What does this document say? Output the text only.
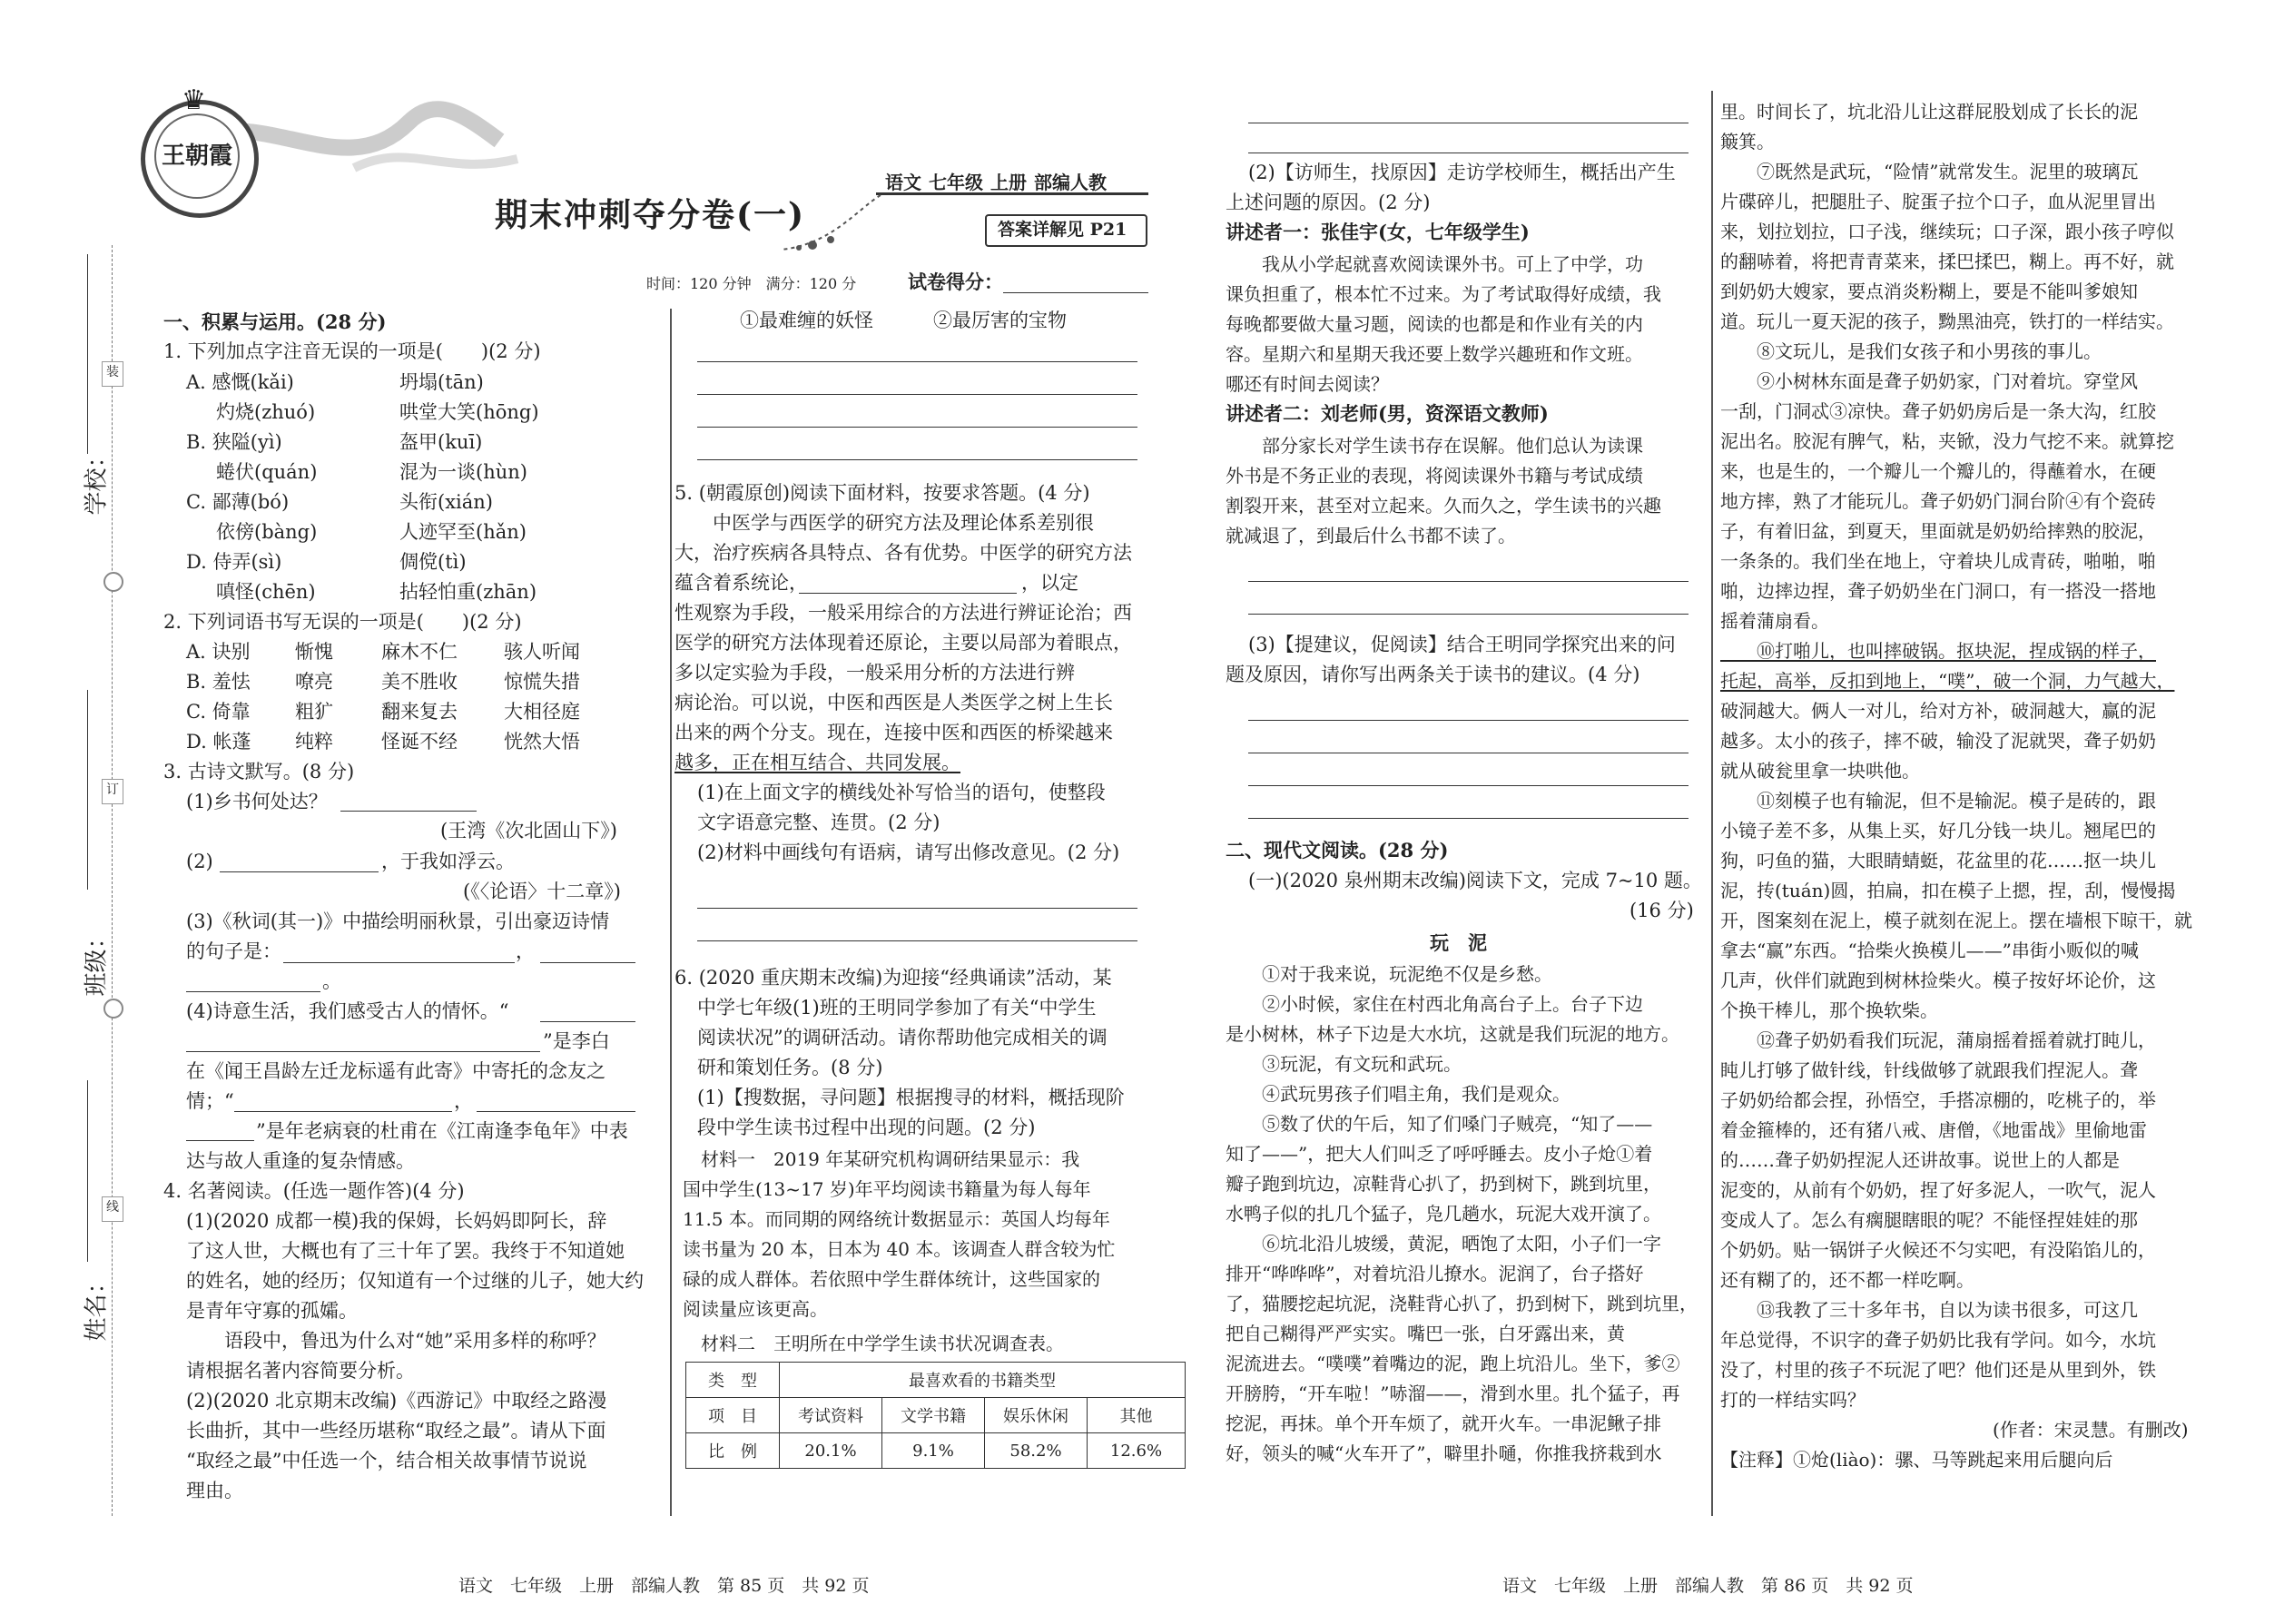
♛
王朝霞
期末冲刺夺分卷(一)
语文 七年级 上册 部编人教
答案详解见 P21
时间：120 分钟　满分：120 分	试卷得分：
学校：
班级：
姓名：
装
订
线
一、积累与运用。(28 分)
1. 下列加点字注音无误的一项是(　　)(2 分)
A. 感慨(kǎi)	坍塌(tān)
灼烧(zhuó)	哄堂大笑(hōng)
B. 狭隘(yì)	盔甲(kuī)
蜷伏(quán)	混为一谈(hùn)
C. 鄙薄(bó)	头衔(xián)
依傍(bàng)	人迹罕至(hǎn)
D. 侍弄(sì)	倜傥(tì)
嗔怪(chēn)	拈轻怕重(zhān)
2. 下列词语书写无误的一项是(　　)(2 分)
A. 诀别 惭愧	麻木不仁 骇人听闻
B. 羞怯 嘹亮	美不胜收 惊慌失措
C. 倚靠 粗犷	翻来复去 大相径庭
D. 帐蓬 纯粹	怪诞不经 恍然大悟
3. 古诗文默写。(8 分)
(1)乡书何处达？
(王湾《次北固山下》)
(2)	，于我如浮云。
(《〈论语〉十二章》)
(3)《秋词(其一)》中描绘明丽秋景，引出豪迈诗情
的句子是：	，
。
(4)诗意生活，我们感受古人的情怀。“
”是李白
在《闻王昌龄左迁龙标遥有此寄》中寄托的念友之
情；“	，
”是年老病衰的杜甫在《江南逢李龟年》中表
达与故人重逢的复杂情感。
4. 名著阅读。(任选一题作答)(4 分)
(1)(2020 成都一模)我的保姆，长妈妈即阿长，辞
了这人世，大概也有了三十年了罢。我终于不知道她
的姓名，她的经历；仅知道有一个过继的儿子，她大约
是青年守寡的孤孀。
　　语段中，鲁迅为什么对“她”采用多样的称呼？
请根据名著内容简要分析。
(2)(2020 北京期末改编)《西游记》中取经之路漫
长曲折，其中一些经历堪称“取经之最”。请从下面
“取经之最”中任选一个，结合相关故事情节说说
理由。
①最难缠的妖怪	②最厉害的宝物
5. (朝霞原创)阅读下面材料，按要求答题。(4 分)
　　中医学与西医学的研究方法及理论体系差别很
大，治疗疾病各具特点、各有优势。中医学的研究方法
蕴含着系统论，	，以定
性观察为手段，一般采用综合的方法进行辨证论治；西
医学的研究方法体现着还原论，主要以局部为着眼点，
多以定实验为手段，一般采用分析的方法进行辨
病论治。可以说，中医和西医是人类医学之树上生长
出来的两个分支。现在，连接中医和西医的桥梁越来
越多，正在相互结合、共同发展。
(1)在上面文字的横线处补写恰当的语句，使整段
文字语意完整、连贯。(2 分)
(2)材料中画线句有语病，请写出修改意见。(2 分)
6. (2020 重庆期末改编)为迎接“经典诵读”活动，某
中学七年级(1)班的王明同学参加了有关“中学生
阅读状况”的调研活动。请你帮助他完成相关的调
研和策划任务。(8 分)
(1)【搜数据，寻问题】根据搜寻的材料，概括现阶
段中学生读书过程中出现的问题。(2 分)
　材料一　2019 年某研究机构调研结果显示：我
国中学生(13~17 岁)年平均阅读书籍量为每人每年
11.5 本。而同期的网络统计数据显示：英国人均每年
读书量为 20 本，日本为 40 本。该调查人群含较为忙
碌的成人群体。若依照中学生群体统计，这些国家的
阅读量应该更高。
　材料二　王明所在中学学生读书状况调查表。
类　型	最喜欢看的书籍类型			
项　目	考试资料	文学书籍	娱乐休闲	其他
比　例	20.1%	9.1%	58.2%	12.6%
语文　七年级　上册　部编人教　第 85 页　共 92 页
(2)【访师生，找原因】走访学校师生，概括出产生
上述问题的原因。(2 分)
讲述者一：张佳宇(女，七年级学生)
　　我从小学起就喜欢阅读课外书。可上了中学，功
课负担重了，根本忙不过来。为了考试取得好成绩，我
每晚都要做大量习题，阅读的也都是和作业有关的内
容。星期六和星期天我还要上数学兴趣班和作文班。
哪还有时间去阅读？
讲述者二：刘老师(男，资深语文教师)
　　部分家长对学生读书存在误解。他们总认为读课
外书是不务正业的表现，将阅读课外书籍与考试成绩
割裂开来，甚至对立起来。久而久之，学生读书的兴趣
就减退了，到最后什么书都不读了。
(3)【提建议，促阅读】结合王明同学探究出来的问
题及原因，请你写出两条关于读书的建议。(4 分)
二、现代文阅读。(28 分)
(一)(2020 泉州期末改编)阅读下文，完成 7~10 题。
(16 分)
玩　泥
　　①对于我来说，玩泥绝不仅是乡愁。
　　②小时候，家住在村西北角高台子上。台子下边
是小树林，林子下边是大水坑，这就是我们玩泥的地方。
　　③玩泥，有文玩和武玩。
　　④武玩男孩子们唱主角，我们是观众。
　　⑤数了伏的午后，知了们嗓门子贼亮，“知了——
知了——”，把大人们叫乏了呼呼睡去。皮小子炝①着
瓣子跑到坑边，凉鞋背心扒了，扔到树下，跳到坑里，
水鸭子似的扎几个猛子，凫几趟水，玩泥大戏开演了。
　　⑥坑北沿儿坡缓，黄泥，晒饱了太阳，小子们一字
排开“哗哗哗”，对着坑沿儿撩水。泥润了，台子搭好
了，猫腰挖起坑泥，浇鞋背心扒了，扔到树下，跳到坑里，
把自己糊得严严实实。嘴巴一张，白牙露出来，黄
泥流进去。“噗噗”着嘴边的泥，跑上坑沿儿。坐下，爹②
开膀胯，“开车啦！”哧溜——，滑到水里。扎个猛子，再
挖泥，再抹。单个开车烦了，就开火车。一串泥鳅子排
好，领头的喊“火车开了”，噼里扑嗵，你推我挤栽到水
里。时间长了，坑北沿儿让这群屁股划成了长长的泥
簸箕。
　　⑦既然是武玩，“险情”就常发生。泥里的玻璃瓦
片碟碎儿，把腿肚子、腚蛋子拉个口子，血从泥里冒出
来，划拉划拉，口子浅，继续玩；口子深，跟小孩子哼似
的翻哧着，将把青青菜来，揉巴揉巴，糊上。再不好，就
到奶奶大嫂家，要点消炎粉糊上，要是不能叫爹娘知
道。玩儿一夏天泥的孩子，黝黑油亮，铁打的一样结实。
　　⑧文玩儿，是我们女孩子和小男孩的事儿。
　　⑨小树林东面是聋子奶奶家，门对着坑。穿堂风
一刮，门洞忒③凉快。聋子奶奶房后是一条大沟，红胶
泥出名。胶泥有脾气，粘，夹锨，没力气挖不来。就算挖
来，也是生的，一个瓣儿一个瓣儿的，得蘸着水，在硬
地方摔，熟了才能玩儿。聋子奶奶门洞台阶④有个瓷砖
子，有着旧盆，到夏天，里面就是奶奶给摔熟的胶泥，
一条条的。我们坐在地上，守着块儿成青砖，啪啪，啪
啪，边摔边捏，聋子奶奶坐在门洞口，有一搭没一搭地
摇着蒲扇看。
　　⑩打啪儿，也叫摔破锅。抠块泥，捏成锅的样子，
托起，高举，反扣到地上，“噗”，破一个洞，力气越大，
破洞越大。俩人一对儿，给对方补，破洞越大，赢的泥
越多。太小的孩子，摔不破，输没了泥就哭，聋子奶奶
就从破瓮里拿一块哄他。
　　⑪刻模子也有输泥，但不是输泥。模子是砖的，跟
小镜子差不多，从集上买，好几分钱一块儿。翘尾巴的
狗，叼鱼的猫，大眼睛蜻蜓，花盆里的花……抠一块儿
泥，抟(tuán)圆，拍扁，扣在模子上摁，捏，刮，慢慢揭
开，图案刻在泥上，模子就刻在泥上。摆在墙根下晾干，就
拿去“赢”东西。“拾柴火换模儿——”串街小贩似的喊
几声，伙伴们就跑到树林捡柴火。模子按好坏论价，这
个换干棒儿，那个换软柴。
　　⑫聋子奶奶看我们玩泥，蒲扇摇着摇着就打盹儿，
盹儿打够了做针线，针线做够了就跟我们捏泥人。聋
子奶奶给都会捏，孙悟空，手搭凉棚的，吃桃子的，举
着金箍棒的，还有猪八戒、唐僧，《地雷战》里偷地雷
的……聋子奶奶捏泥人还讲故事。说世上的人都是
泥变的，从前有个奶奶，捏了好多泥人，一吹气，泥人
变成人了。怎么有瘸腿瞎眼的呢？不能怪捏娃娃的那
个奶奶。贴一锅饼子火候还不匀实吧，有没陷馅儿的，
还有糊了的，还不都一样吃啊。
　　⑬我教了三十多年书，自以为读书很多，可这几
年总觉得，不识字的聋子奶奶比我有学问。如今，水坑
没了，村里的孩子不玩泥了吧？他们还是从里到外，铁
打的一样结实吗？
(作者：宋灵慧。有删改)
【注释】①炝(liào)：骡、马等跳起来用后腿向后
语文　七年级　上册　部编人教　第 86 页　共 92 页
